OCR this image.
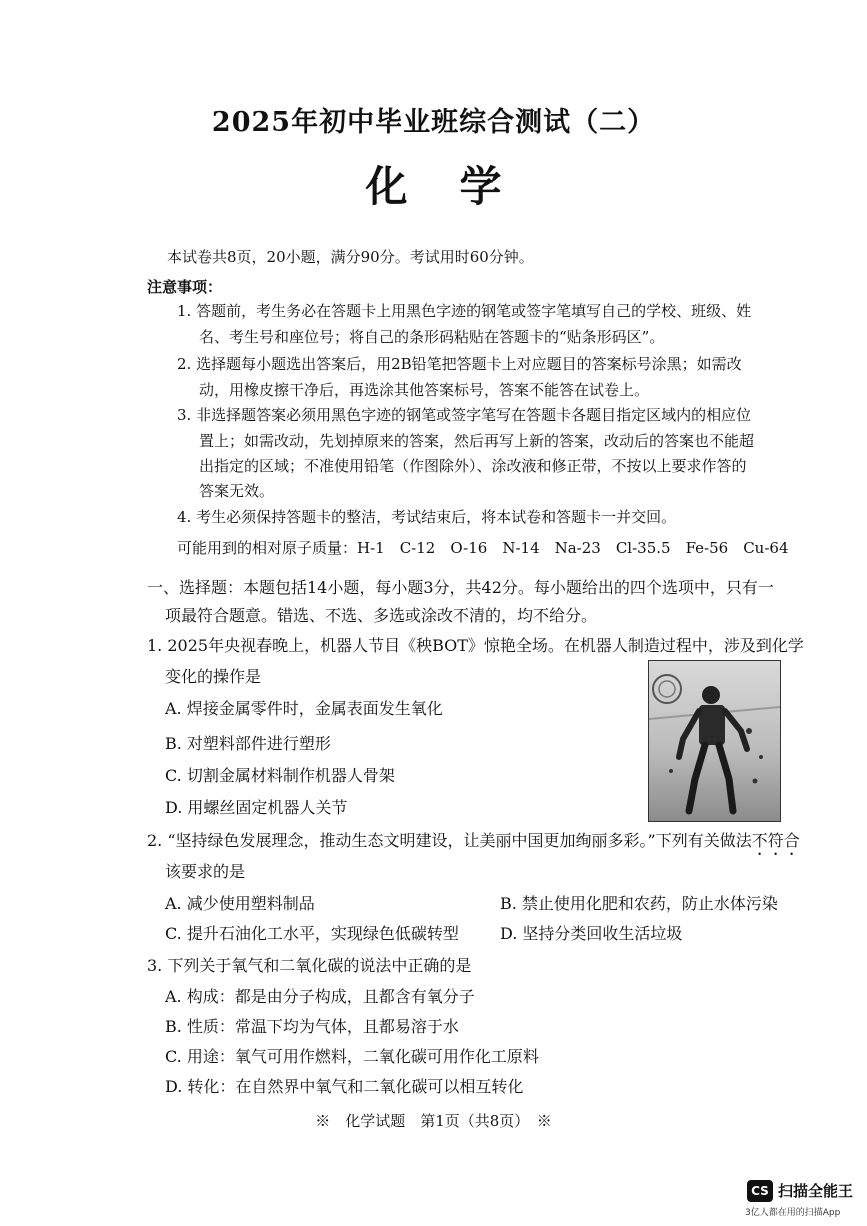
2025年初中毕业班综合测试（二）
化学
本试卷共8页，20小题，满分90分。考试用时60分钟。
注意事项：
1. 答题前，考生务必在答题卡上用黑色字迹的钢笔或签字笔填写自己的学校、班级、姓
名、考生号和座位号；将自己的条形码粘贴在答题卡的“贴条形码区”。
2. 选择题每小题选出答案后，用2B铅笔把答题卡上对应题目的答案标号涂黑；如需改
动，用橡皮擦干净后，再选涂其他答案标号，答案不能答在试卷上。
3. 非选择题答案必须用黑色字迹的钢笔或签字笔写在答题卡各题目指定区域内的相应位
置上；如需改动，先划掉原来的答案，然后再写上新的答案，改动后的答案也不能超
出指定的区域；不准使用铅笔（作图除外）、涂改液和修正带，不按以上要求作答的
答案无效。
4. 考生必须保持答题卡的整洁，考试结束后，将本试卷和答题卡一并交回。
可能用到的相对原子质量：H-1　C-12　O-16　N-14　Na-23　Cl-35.5　Fe-56　Cu-64
一、选择题：本题包括14小题，每小题3分，共42分。每小题给出的四个选项中，只有一
项最符合题意。错选、不选、多选或涂改不清的，均不给分。
1. 2025年央视春晚上，机器人节目《秧BOT》惊艳全场。在机器人制造过程中，涉及到化学
变化的操作是
A. 焊接金属零件时，金属表面发生氧化
B. 对塑料部件进行塑形
C. 切割金属材料制作机器人骨架
D. 用螺丝固定机器人关节
2. “坚持绿色发展理念，推动生态文明建设，让美丽中国更加绚丽多彩。”下列有关做法不符合
该要求的是
A. 减少使用塑料制品	B. 禁止使用化肥和农药，防止水体污染
C. 提升石油化工水平，实现绿色低碳转型	D. 坚持分类回收生活垃圾
3. 下列关于氧气和二氧化碳的说法中正确的是
A. 构成：都是由分子构成，且都含有氧分子
B. 性质：常温下均为气体，且都易溶于水
C. 用途：氧气可用作燃料，二氧化碳可用作化工原料
D. 转化：在自然界中氧气和二氧化碳可以相互转化
※　化学试题　第1页（共8页）　※
CS 扫描全能王
3亿人都在用的扫描App
